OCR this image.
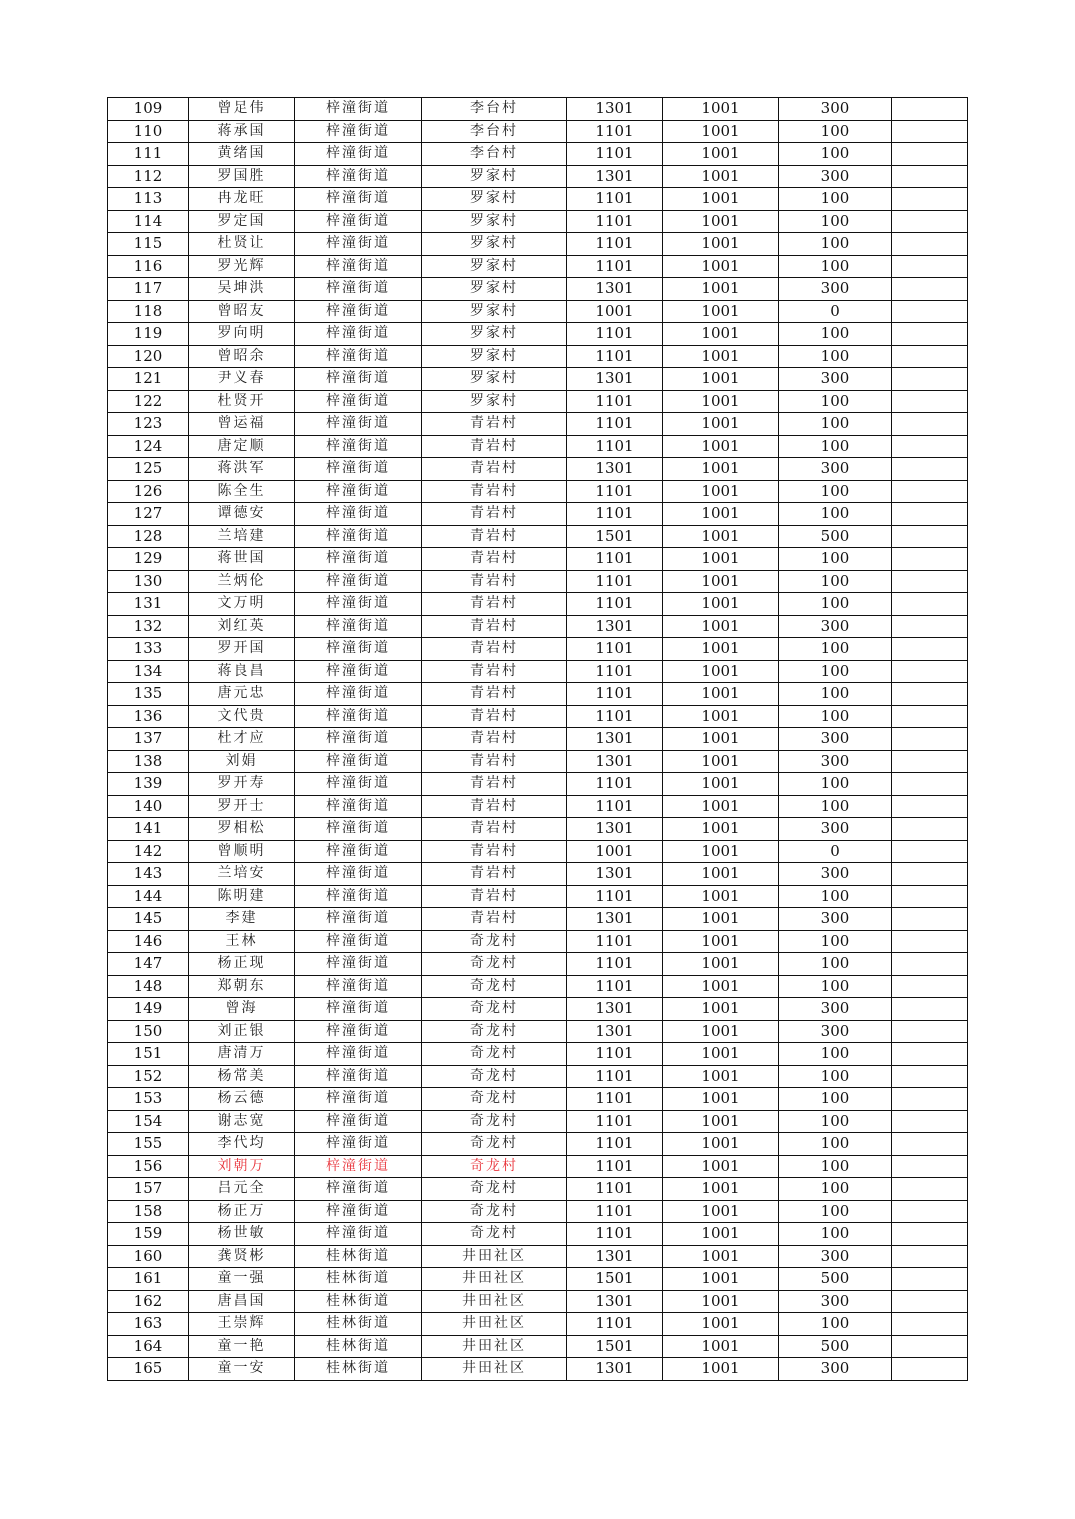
109	曾足伟	梓潼街道	李台村	1301	1001	300	
110	蒋承国	梓潼街道	李台村	1101	1001	100	
111	黄绪国	梓潼街道	李台村	1101	1001	100	
112	罗国胜	梓潼街道	罗家村	1301	1001	300	
113	冉龙旺	梓潼街道	罗家村	1101	1001	100	
114	罗定国	梓潼街道	罗家村	1101	1001	100	
115	杜贤让	梓潼街道	罗家村	1101	1001	100	
116	罗光辉	梓潼街道	罗家村	1101	1001	100	
117	吴坤洪	梓潼街道	罗家村	1301	1001	300	
118	曾昭友	梓潼街道	罗家村	1001	1001	0	
119	罗向明	梓潼街道	罗家村	1101	1001	100	
120	曾昭余	梓潼街道	罗家村	1101	1001	100	
121	尹义春	梓潼街道	罗家村	1301	1001	300	
122	杜贤开	梓潼街道	罗家村	1101	1001	100	
123	曾运福	梓潼街道	青岩村	1101	1001	100	
124	唐定顺	梓潼街道	青岩村	1101	1001	100	
125	蒋洪军	梓潼街道	青岩村	1301	1001	300	
126	陈全生	梓潼街道	青岩村	1101	1001	100	
127	谭德安	梓潼街道	青岩村	1101	1001	100	
128	兰培建	梓潼街道	青岩村	1501	1001	500	
129	蒋世国	梓潼街道	青岩村	1101	1001	100	
130	兰炳伦	梓潼街道	青岩村	1101	1001	100	
131	文万明	梓潼街道	青岩村	1101	1001	100	
132	刘红英	梓潼街道	青岩村	1301	1001	300	
133	罗开国	梓潼街道	青岩村	1101	1001	100	
134	蒋良昌	梓潼街道	青岩村	1101	1001	100	
135	唐元忠	梓潼街道	青岩村	1101	1001	100	
136	文代贵	梓潼街道	青岩村	1101	1001	100	
137	杜才应	梓潼街道	青岩村	1301	1001	300	
138	刘娟	梓潼街道	青岩村	1301	1001	300	
139	罗开寿	梓潼街道	青岩村	1101	1001	100	
140	罗开士	梓潼街道	青岩村	1101	1001	100	
141	罗相松	梓潼街道	青岩村	1301	1001	300	
142	曾顺明	梓潼街道	青岩村	1001	1001	0	
143	兰培安	梓潼街道	青岩村	1301	1001	300	
144	陈明建	梓潼街道	青岩村	1101	1001	100	
145	李建	梓潼街道	青岩村	1301	1001	300	
146	王林	梓潼街道	奇龙村	1101	1001	100	
147	杨正现	梓潼街道	奇龙村	1101	1001	100	
148	郑朝东	梓潼街道	奇龙村	1101	1001	100	
149	曾海	梓潼街道	奇龙村	1301	1001	300	
150	刘正银	梓潼街道	奇龙村	1301	1001	300	
151	唐清万	梓潼街道	奇龙村	1101	1001	100	
152	杨常美	梓潼街道	奇龙村	1101	1001	100	
153	杨云德	梓潼街道	奇龙村	1101	1001	100	
154	谢志宽	梓潼街道	奇龙村	1101	1001	100	
155	李代均	梓潼街道	奇龙村	1101	1001	100	
156	刘朝万	梓潼街道	奇龙村	1101	1001	100	
157	吕元全	梓潼街道	奇龙村	1101	1001	100	
158	杨正万	梓潼街道	奇龙村	1101	1001	100	
159	杨世敏	梓潼街道	奇龙村	1101	1001	100	
160	龚贤彬	桂林街道	井田社区	1301	1001	300	
161	童一强	桂林街道	井田社区	1501	1001	500	
162	唐昌国	桂林街道	井田社区	1301	1001	300	
163	王崇辉	桂林街道	井田社区	1101	1001	100	
164	童一艳	桂林街道	井田社区	1501	1001	500	
165	童一安	桂林街道	井田社区	1301	1001	300	
